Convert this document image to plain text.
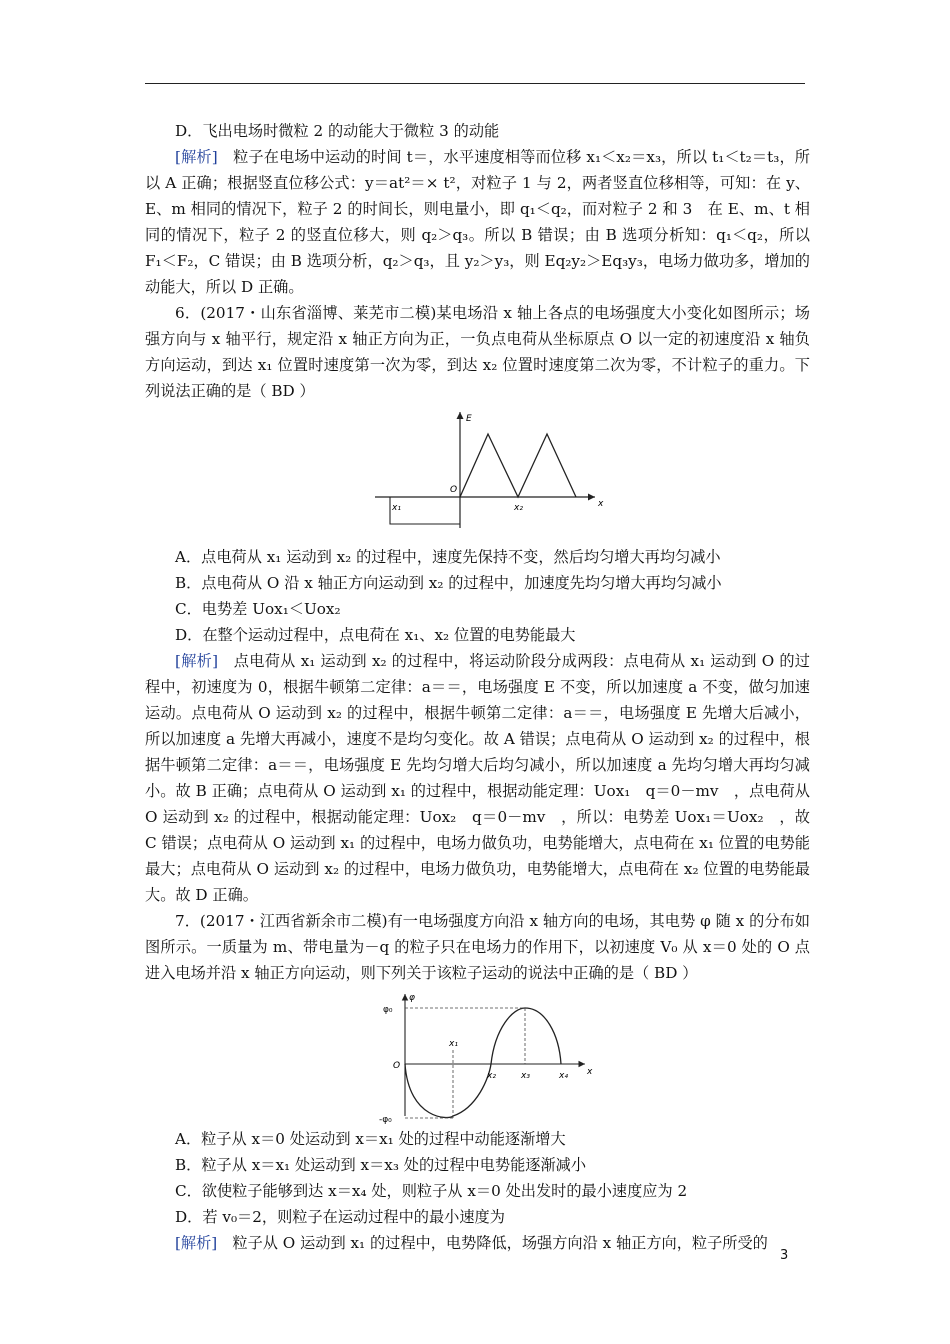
D．飞出电场时微粒 2 的动能大于微粒 3 的动能

[解析]　 粒子在电场中运动的时间 t＝，水平速度相等而位移 x₁＜x₂＝x₃，所以 t₁＜t₂＝t₃，所以 A 正确；根据竖直位移公式：y＝at²＝× t²，对粒子 1 与 2，两者竖直位移相等，可知：在 y、E、m 相同的情况下，粒子 2 的时间长，则电量小，即 q₁＜q₂，而对粒子 2 和 3　在 E、m、t 相同的情况下，粒子 2 的竖直位移大，则 q₂＞q₃。所以 B 错误；由 B 选项分析知：q₁＜q₂，所以 F₁＜F₂，C 错误；由 B 选项分析，q₂＞q₃，且 y₂＞y₃，则 Eq₂y₂＞Eq₃y₃，电场力做功多，增加的动能大，所以 D 正确。

6．(2017・山东省淄博、莱芜市二模)某电场沿 x 轴上各点的电场强度大小变化如图所示；场强方向与 x 轴平行，规定沿 x 轴正方向为正，一负点电荷从坐标原点 O 以一定的初速度沿 x 轴负方向运动，到达 x₁ 位置时速度第一次为零，到达 x₂ 位置时速度第二次为零，不计粒子的重力。下列说法正确的是（ BD ）

E
x
O
x₁	x₂

A．点电荷从 x₁ 运动到 x₂ 的过程中，速度先保持不变，然后均匀增大再均匀减小

B．点电荷从 O 沿 x 轴正方向运动到 x₂ 的过程中，加速度先均匀增大再均匀减小

C．电势差 Uox₁＜Uox₂

D．在整个运动过程中，点电荷在 x₁、x₂ 位置的电势能最大

[解析]　 点电荷从 x₁ 运动到 x₂ 的过程中，将运动阶段分成两段：点电荷从 x₁ 运动到 O 的过程中，初速度为 0，根据牛顿第二定律：a＝＝，电场强度 E 不变，所以加速度 a 不变，做匀加速运动。点电荷从 O 运动到 x₂ 的过程中，根据牛顿第二定律：a＝＝，电场强度 E 先增大后减小，所以加速度 a 先增大再减小，速度不是均匀变化。故 A 错误；点电荷从 O 运动到 x₂ 的过程中，根据牛顿第二定律：a＝＝，电场强度 E 先均匀增大后均匀减小，所以加速度 a 先均匀增大再均匀减小。故 B 正确；点电荷从 O 运动到 x₁ 的过程中，根据动能定理：Uox₁　q＝0－mv　，点电荷从 O 运动到 x₂ 的过程中，根据动能定理：Uox₂　q＝0－mv　，所以：电势差 Uox₁＝Uox₂　，故 C 错误；点电荷从 O 运动到 x₁ 的过程中，电场力做负功，电势能增大，点电荷在 x₁ 位置的电势能最大；点电荷从 O 运动到 x₂ 的过程中，电场力做负功，电势能增大，点电荷在 x₂ 位置的电势能最大。故 D 正确。

7．(2017・江西省新余市二模)有一电场强度方向沿 x 轴方向的电场，其电势 φ 随 x 的分布如图所示。一质量为 m、带电量为－q 的粒子只在电场力的作用下，以初速度 V₀ 从 x＝0 处的 O 点进入电场并沿 x 轴正方向运动，则下列关于该粒子运动的说法中正确的是（ BD ）

φ
x
O
φ₀
-φ₀
x₁
x₂	x₃	x₄

A．粒子从 x＝0 处运动到 x＝x₁ 处的过程中动能逐渐增大

B．粒子从 x＝x₁ 处运动到 x＝x₃ 处的过程中电势能逐渐减小

C．欲使粒子能够到达 x＝x₄ 处，则粒子从 x＝0 处出发时的最小速度应为 2

D．若 v₀＝2，则粒子在运动过程中的最小速度为

[解析]　 粒子从 O 运动到 x₁ 的过程中，电势降低，场强方向沿 x 轴正方向，粒子所受的

3
